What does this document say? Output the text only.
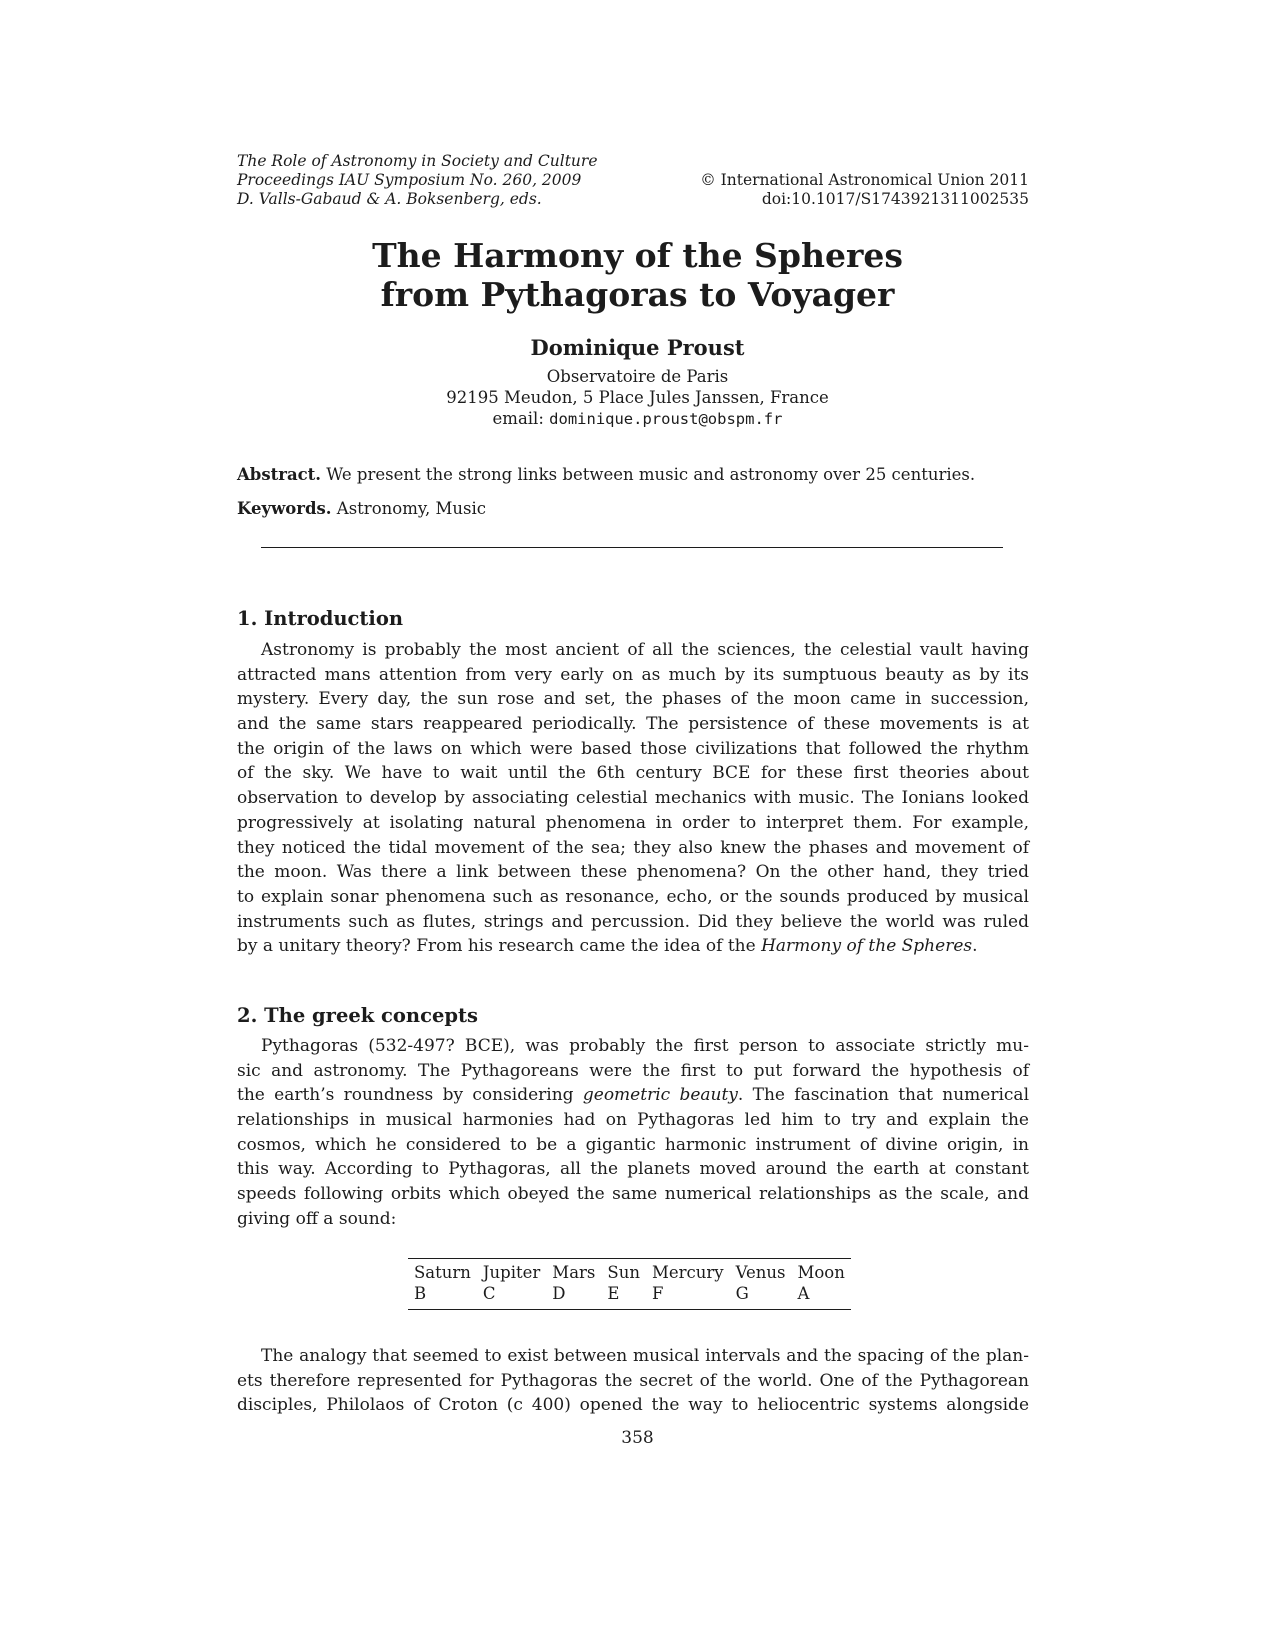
The Role of Astronomy in Society and Culture
Proceedings IAU Symposium No. 260, 2009
D. Valls-Gabaud & A. Boksenberg, eds.
© International Astronomical Union 2011
doi:10.1017/S1743921311002535
The Harmony of the Spheres
from Pythagoras to Voyager
Dominique Proust
Observatoire de Paris
92195 Meudon, 5 Place Jules Janssen, France
email: dominique.proust@obspm.fr
Abstract. We present the strong links between music and astronomy over 25 centuries.
Keywords. Astronomy, Music
1. Introduction
Astronomy is probably the most ancient of all the sciences, the celestial vault having
attracted mans attention from very early on as much by its sumptuous beauty as by its
mystery. Every day, the sun rose and set, the phases of the moon came in succession,
and the same stars reappeared periodically. The persistence of these movements is at
the origin of the laws on which were based those civilizations that followed the rhythm
of the sky. We have to wait until the 6th century BCE for these first theories about
observation to develop by associating celestial mechanics with music. The Ionians looked
progressively at isolating natural phenomena in order to interpret them. For example,
they noticed the tidal movement of the sea; they also knew the phases and movement of
the moon. Was there a link between these phenomena? On the other hand, they tried
to explain sonar phenomena such as resonance, echo, or the sounds produced by musical
instruments such as flutes, strings and percussion. Did they believe the world was ruled
by a unitary theory? From his research came the idea of the Harmony of the Spheres.
2. The greek concepts
Pythagoras (532-497? BCE), was probably the first person to associate strictly mu-
sic and astronomy. The Pythagoreans were the first to put forward the hypothesis of
the earth’s roundness by considering geometric beauty. The fascination that numerical
relationships in musical harmonies had on Pythagoras led him to try and explain the
cosmos, which he considered to be a gigantic harmonic instrument of divine origin, in
this way. According to Pythagoras, all the planets moved around the earth at constant
speeds following orbits which obeyed the same numerical relationships as the scale, and
giving off a sound:

Saturn	Jupiter	Mars	Sun	Mercury	Venus	Moon
B	C	D	E	F	G	A

The analogy that seemed to exist between musical intervals and the spacing of the plan-
ets therefore represented for Pythagoras the secret of the world. One of the Pythagorean
disciples, Philolaos of Croton (c 400) opened the way to heliocentric systems alongside
358
